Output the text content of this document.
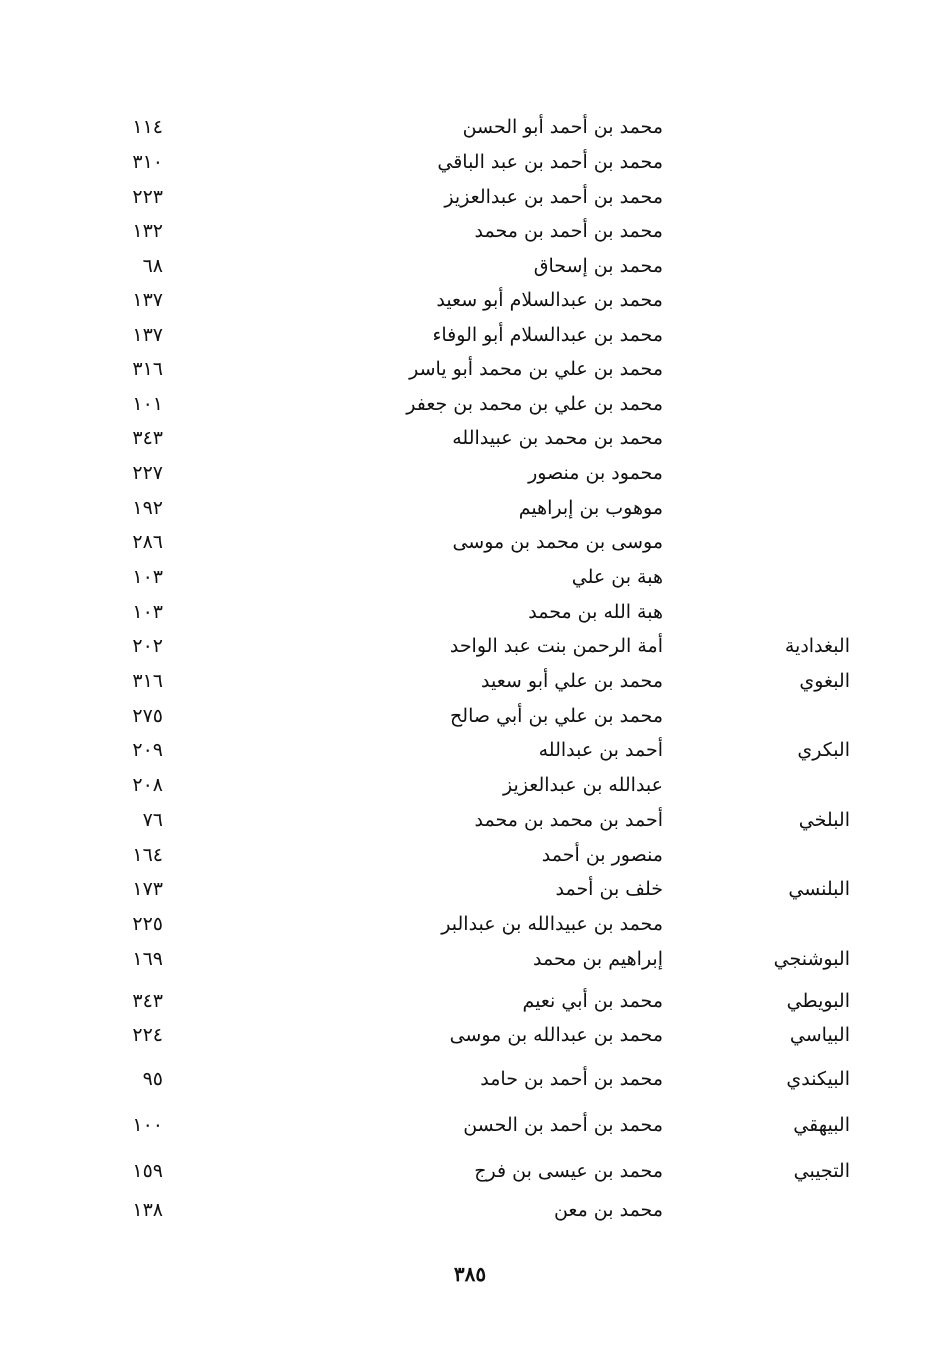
محمد بن أحمد أبو الحسن
١١٤
محمد بن أحمد بن عبد الباقي
٣١٠
محمد بن أحمد بن عبدالعزيز
٢٢٣
محمد بن أحمد بن محمد
١٣٢
محمد بن إسحاق
٦٨
محمد بن عبدالسلام أبو سعيد
١٣٧
محمد بن عبدالسلام أبو الوفاء
١٣٧
محمد بن علي بن محمد أبو ياسر
٣١٦
محمد بن علي بن محمد بن جعفر
١٠١
محمد بن محمد بن عبيدالله
٣٤٣
محمود بن منصور
٢٢٧
موهوب بن إبراهيم
١٩٢
موسى بن محمد بن موسى
٢٨٦
هبة بن علي
١٠٣
هبة الله بن محمد
١٠٣
البغدادية
أمة الرحمن بنت عبد الواحد
٢٠٢
البغوي
محمد بن علي أبو سعيد
٣١٦
محمد بن علي بن أبي صالح
٢٧٥
البكري
أحمد بن عبدالله
٢٠٩
عبدالله بن عبدالعزيز
٢٠٨
البلخي
أحمد بن محمد بن محمد
٧٦
منصور بن أحمد
١٦٤
البلنسي
خلف بن أحمد
١٧٣
محمد بن عبيدالله بن عبدالبر
٢٢٥
البوشنجي
إبراهيم بن محمد
١٦٩
البويطي
محمد بن أبي نعيم
٣٤٣
البياسي
محمد بن عبدالله بن موسى
٢٢٤
البيكندي
محمد بن أحمد بن حامد
٩٥
البيهقي
محمد بن أحمد بن الحسن
١٠٠
التجيبي
محمد بن عيسى بن فرج
١٥٩
محمد بن معن
١٣٨
٣٨٥
